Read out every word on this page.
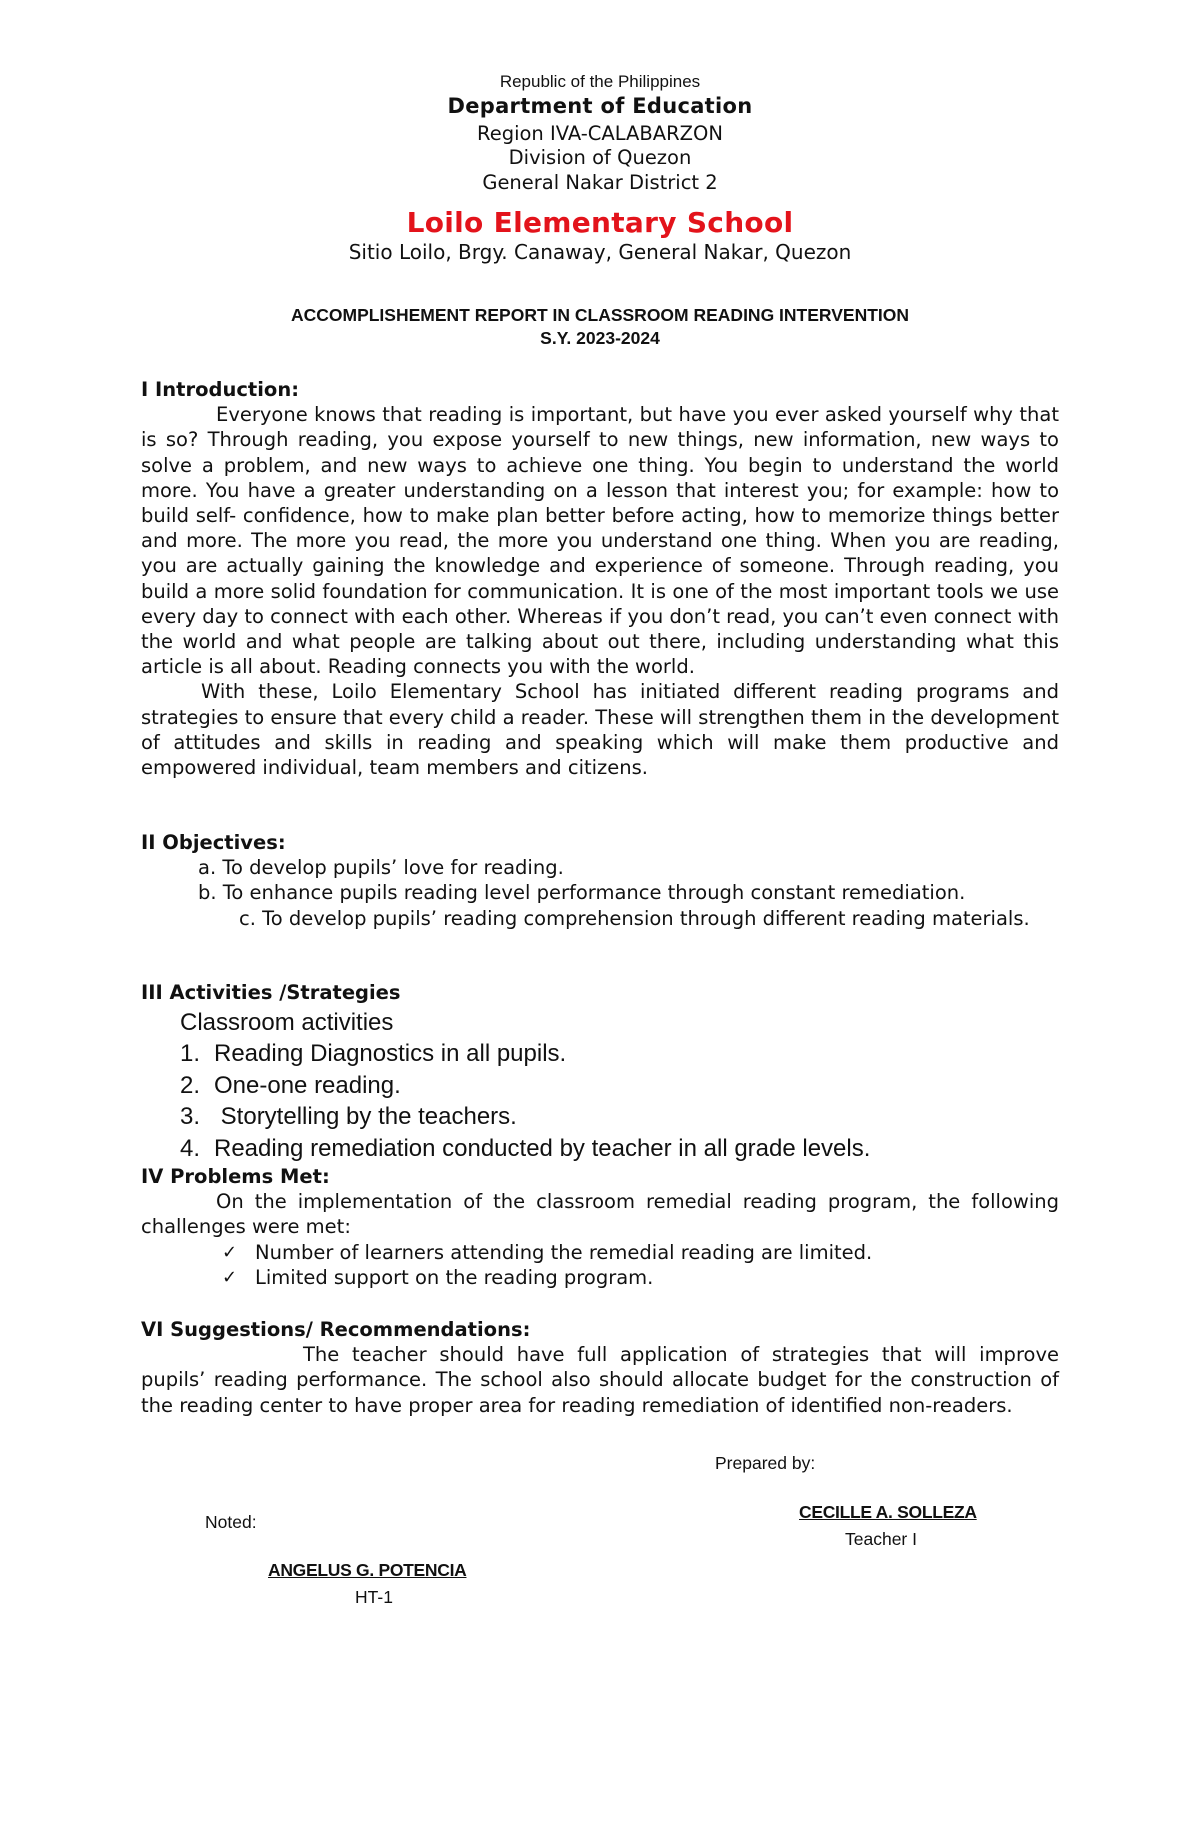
Republic of the Philippines
Department of Education
Region IVA-CALABARZON
Division of Quezon
General Nakar District 2
Loilo Elementary School
Sitio Loilo, Brgy. Canaway, General Nakar, Quezon
ACCOMPLISHEMENT REPORT IN CLASSROOM READING INTERVENTION
S.Y. 2023-2024
I Introduction:

Everyone knows that reading is important, but have you ever asked yourself why that is so? Through reading, you expose yourself to new things, new information, new ways to solve a problem, and new ways to achieve one thing. You begin to understand the world more. You have a greater understanding on a lesson that interest you; for example: how to build self- confidence, how to make plan better before acting, how to memorize things better and more. The more you read, the more you understand one thing. When you are reading, you are actually gaining the knowledge and experience of someone. Through reading, you build a more solid foundation for communication. It is one of the most important tools we use every day to connect with each other. Whereas if you don’t read, you can’t even connect with the world and what people are talking about out there, including understanding what this article is all about. Reading connects you with the world.

With these, Loilo Elementary School has initiated different reading programs and strategies to ensure that every child a reader. These will strengthen them in the development of attitudes and skills in reading and speaking which will make them productive and empowered individual, team members and citizens.

II Objectives:

a. To develop pupils’ love for reading.

b. To enhance pupils reading level performance through constant remediation.

c. To develop pupils’ reading comprehension through different reading materials.

III Activities /Strategies
Classroom activities
1. Reading Diagnostics in all pupils.
2. One-one reading.
3. Storytelling by the teachers.
4. Reading remediation conducted by teacher in all grade levels.
IV Problems Met:

On the implementation of the classroom remedial reading program, the following challenges were met:

✓ Number of learners attending the remedial reading are limited.
✓ Limited support on the reading program.
VI Suggestions/ Recommendations:

The teacher should have full application of strategies that will improve pupils’ reading performance. The school also should allocate budget for the construction of the reading center to have proper area for reading remediation of identified non-readers.

Prepared by:
CECILLE A. SOLLEZA
Teacher I
Noted:
ANGELUS G. POTENCIA
HT-1
